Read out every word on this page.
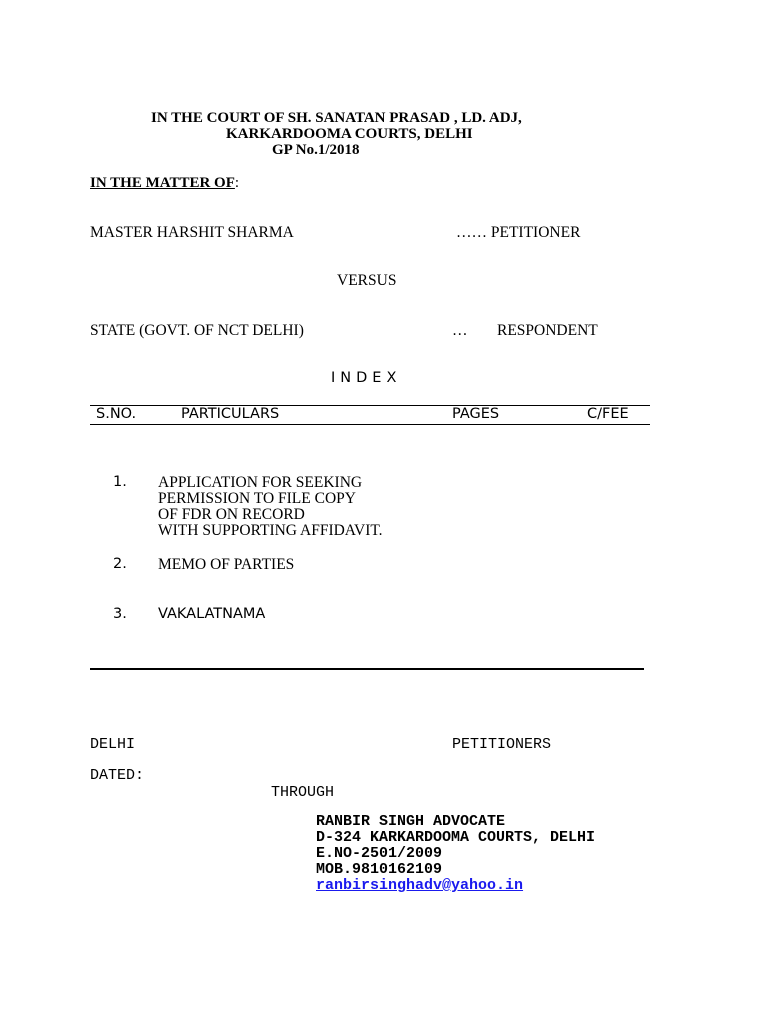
IN THE COURT OF SH. SANATAN PRASAD , LD. ADJ,
KARKARDOOMA COURTS, DELHI
GP No.1/2018
IN THE MATTER OF:
MASTER HARSHIT SHARMA	…… PETITIONER
VERSUS
STATE (GOVT. OF NCT DELHI)	… RESPONDENT
INDEX
S.NO.	PARTICULARS	PAGES	C/FEE
1. APPLICATION FOR SEEKING
PERMISSION TO FILE COPY
OF FDR ON RECORD
WITH SUPPORTING AFFIDAVIT.
2. MEMO OF PARTIES
3. VAKALATNAMA
DELHI	PETITIONERS
DATED:
THROUGH
RANBIR SINGH ADVOCATE
D-324 KARKARDOOMA COURTS, DELHI
E.NO-2501/2009
MOB.9810162109
ranbirsinghadv@yahoo.in
